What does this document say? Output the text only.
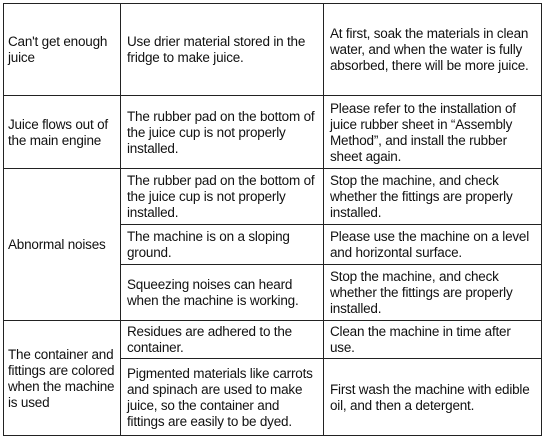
Can't get enough juice	Use drier material stored in the fridge to make juice.	At first, soak the materials in clean water, and when the water is fully absorbed, there will be more juice.
Juice flows out of the main engine	The rubber pad on the bottom of the juice cup is not properly installed.	Please refer to the installation of juice rubber sheet in “Assembly Method”, and install the rubber sheet again.
Abnormal noises	The rubber pad on the bottom of the juice cup is not properly installed.	Stop the machine, and check whether the fittings are properly installed.
	The machine is on a sloping ground.	Please use the machine on a level and horizontal surface.
	Squeezing noises can heard when the machine is working.	Stop the machine, and check whether the fittings are properly installed.
The container and fittings are colored when the machine is used	Residues are adhered to the container.	Clean the machine in time after use.
	Pigmented materials like carrots and spinach are used to make juice, so the container and fittings are easily to be dyed.	First wash the machine with edible oil, and then a detergent.
